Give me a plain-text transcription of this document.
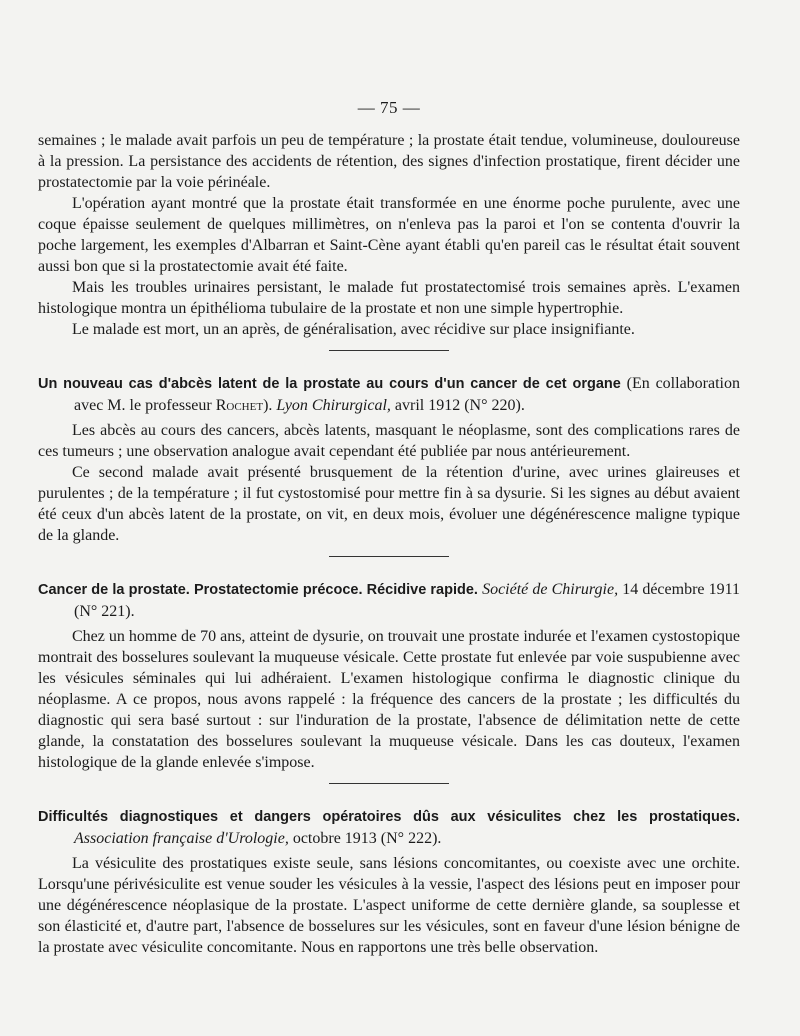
— 75 —

semaines ; le malade avait parfois un peu de température ; la prostate était tendue, volumineuse, douloureuse à la pression. La persistance des accidents de rétention, des signes d'infection prostatique, firent décider une prostatectomie par la voie périnéale.

L'opération ayant montré que la prostate était transformée en une énorme poche purulente, avec une coque épaisse seulement de quelques millimètres, on n'enleva pas la paroi et l'on se contenta d'ouvrir la poche largement, les exemples d'Albarran et Saint-Cène ayant établi qu'en pareil cas le résultat était souvent aussi bon que si la prostatectomie avait été faite.

Mais les troubles urinaires persistant, le malade fut prostatectomisé trois semaines après. L'examen histologique montra un épithélioma tubulaire de la prostate et non une simple hypertrophie.

Le malade est mort, un an après, de généralisation, avec récidive sur place insignifiante.

Un nouveau cas d'abcès latent de la prostate au cours d'un cancer de cet organe (En collaboration avec M. le professeur Rochet). Lyon Chirurgical, avril 1912 (N° 220).

Les abcès au cours des cancers, abcès latents, masquant le néoplasme, sont des complications rares de ces tumeurs ; une observation analogue avait cependant été publiée par nous antérieurement.

Ce second malade avait présenté brusquement de la rétention d'urine, avec urines glaireuses et purulentes ; de la température ; il fut cystostomisé pour mettre fin à sa dysurie. Si les signes au début avaient été ceux d'un abcès latent de la prostate, on vit, en deux mois, évoluer une dégénérescence maligne typique de la glande.

Cancer de la prostate. Prostatectomie précoce. Récidive rapide. Société de Chirurgie, 14 décembre 1911 (N° 221).

Chez un homme de 70 ans, atteint de dysurie, on trouvait une prostate indurée et l'examen cystostopique montrait des bosselures soulevant la muqueuse vésicale. Cette prostate fut enlevée par voie suspubienne avec les vésicules séminales qui lui adhéraient. L'examen histologique confirma le diagnostic clinique du néoplasme. A ce propos, nous avons rappelé : la fréquence des cancers de la prostate ; les difficultés du diagnostic qui sera basé surtout : sur l'induration de la prostate, l'absence de délimitation nette de cette glande, la constatation des bosselures soulevant la muqueuse vésicale. Dans les cas douteux, l'examen histologique de la glande enlevée s'impose.

Difficultés diagnostiques et dangers opératoires dûs aux vésiculites chez les prostatiques. Association française d'Urologie, octobre 1913 (N° 222).

La vésiculite des prostatiques existe seule, sans lésions concomitantes, ou coexiste avec une orchite. Lorsqu'une périvésiculite est venue souder les vésicules à la vessie, l'aspect des lésions peut en imposer pour une dégénérescence néoplasique de la prostate. L'aspect uniforme de cette dernière glande, sa souplesse et son élasticité et, d'autre part, l'absence de bosselures sur les vésicules, sont en faveur d'une lésion bénigne de la prostate avec vésiculite concomitante. Nous en rapportons une très belle observation.
